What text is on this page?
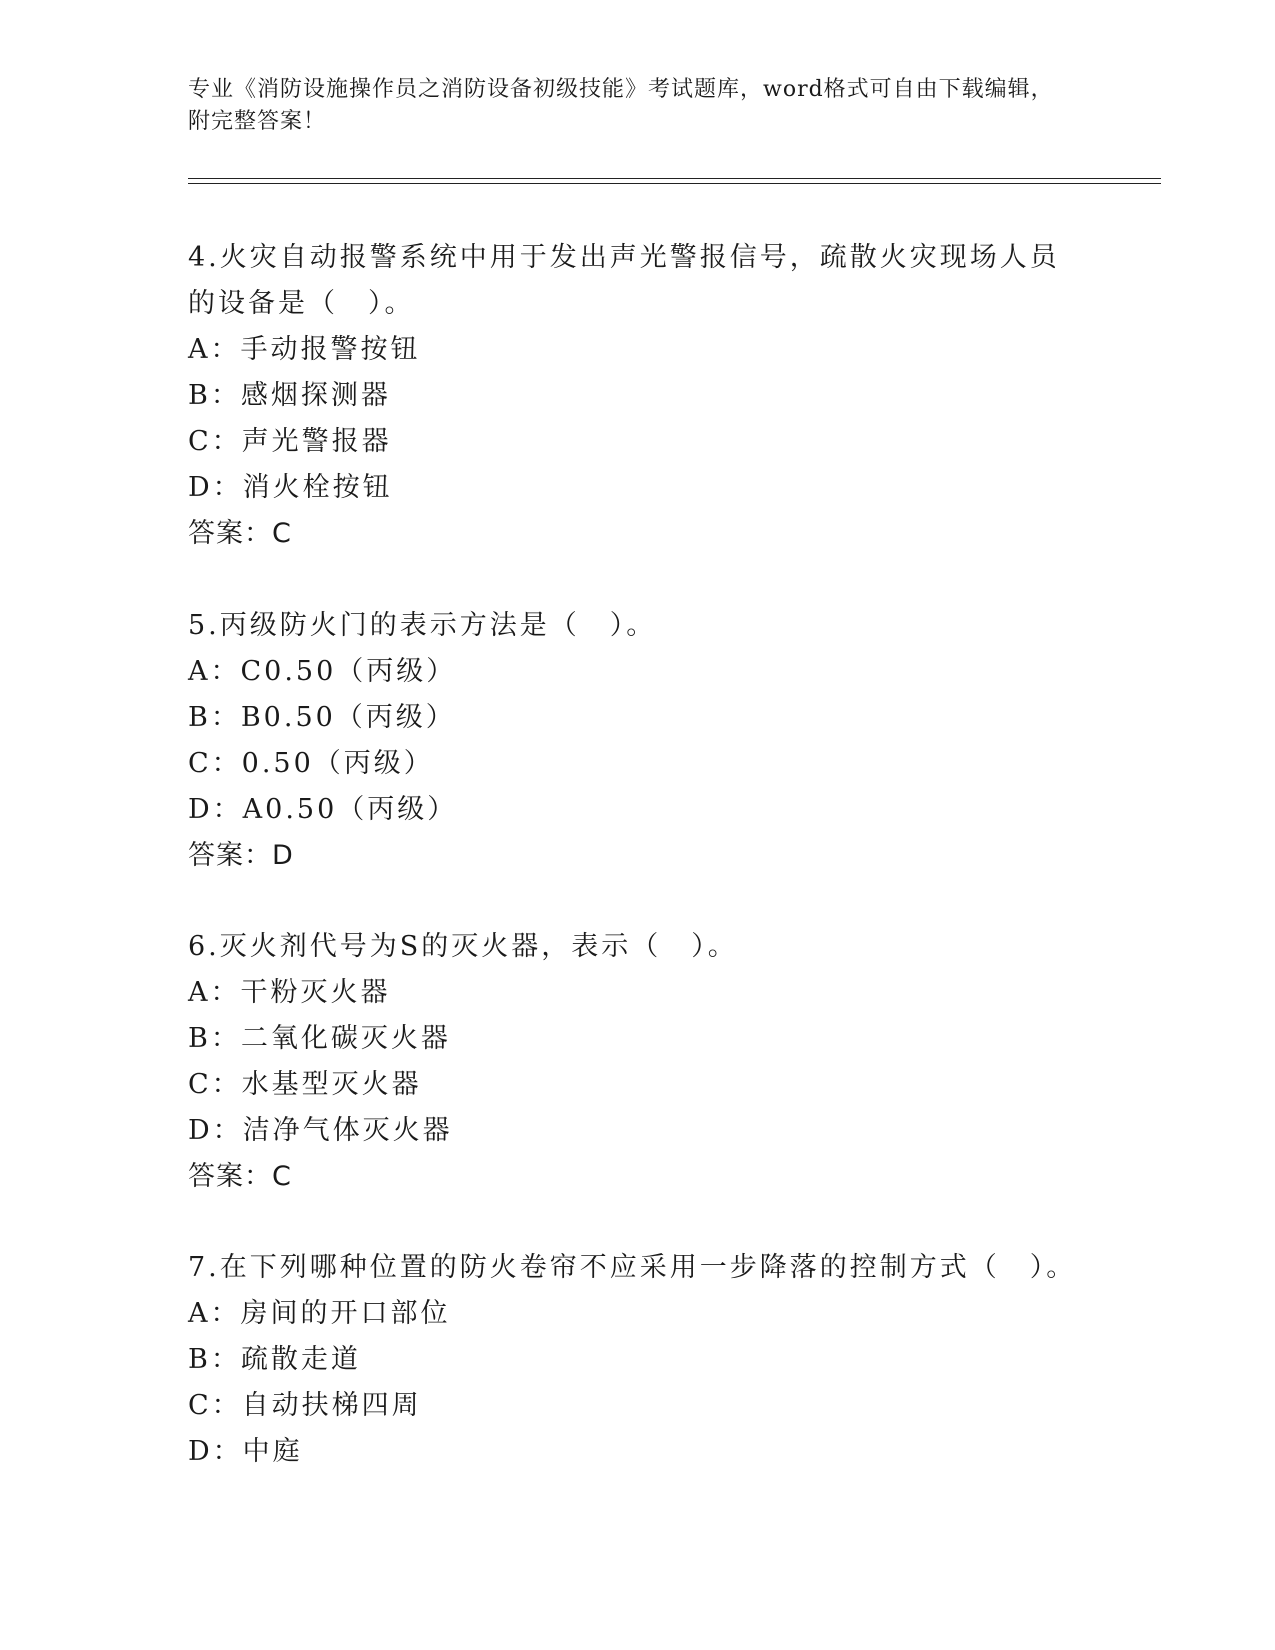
专业《消防设施操作员之消防设备初级技能》考试题库，word格式可自由下载编辑，附完整答案！
4.火灾自动报警系统中用于发出声光警报信号，疏散火灾现场人员的设备是（　）。
A：手动报警按钮
B：感烟探测器
C：声光警报器
D：消火栓按钮
答案：C
5.丙级防火门的表示方法是（　）。
A：C0.50（丙级）
B：B0.50（丙级）
C：0.50（丙级）
D：A0.50（丙级）
答案：D
6.灭火剂代号为S的灭火器，表示（　）。
A：干粉灭火器
B：二氧化碳灭火器
C：水基型灭火器
D：洁净气体灭火器
答案：C
7.在下列哪种位置的防火卷帘不应采用一步降落的控制方式（　）。
A：房间的开口部位
B：疏散走道
C：自动扶梯四周
D：中庭
